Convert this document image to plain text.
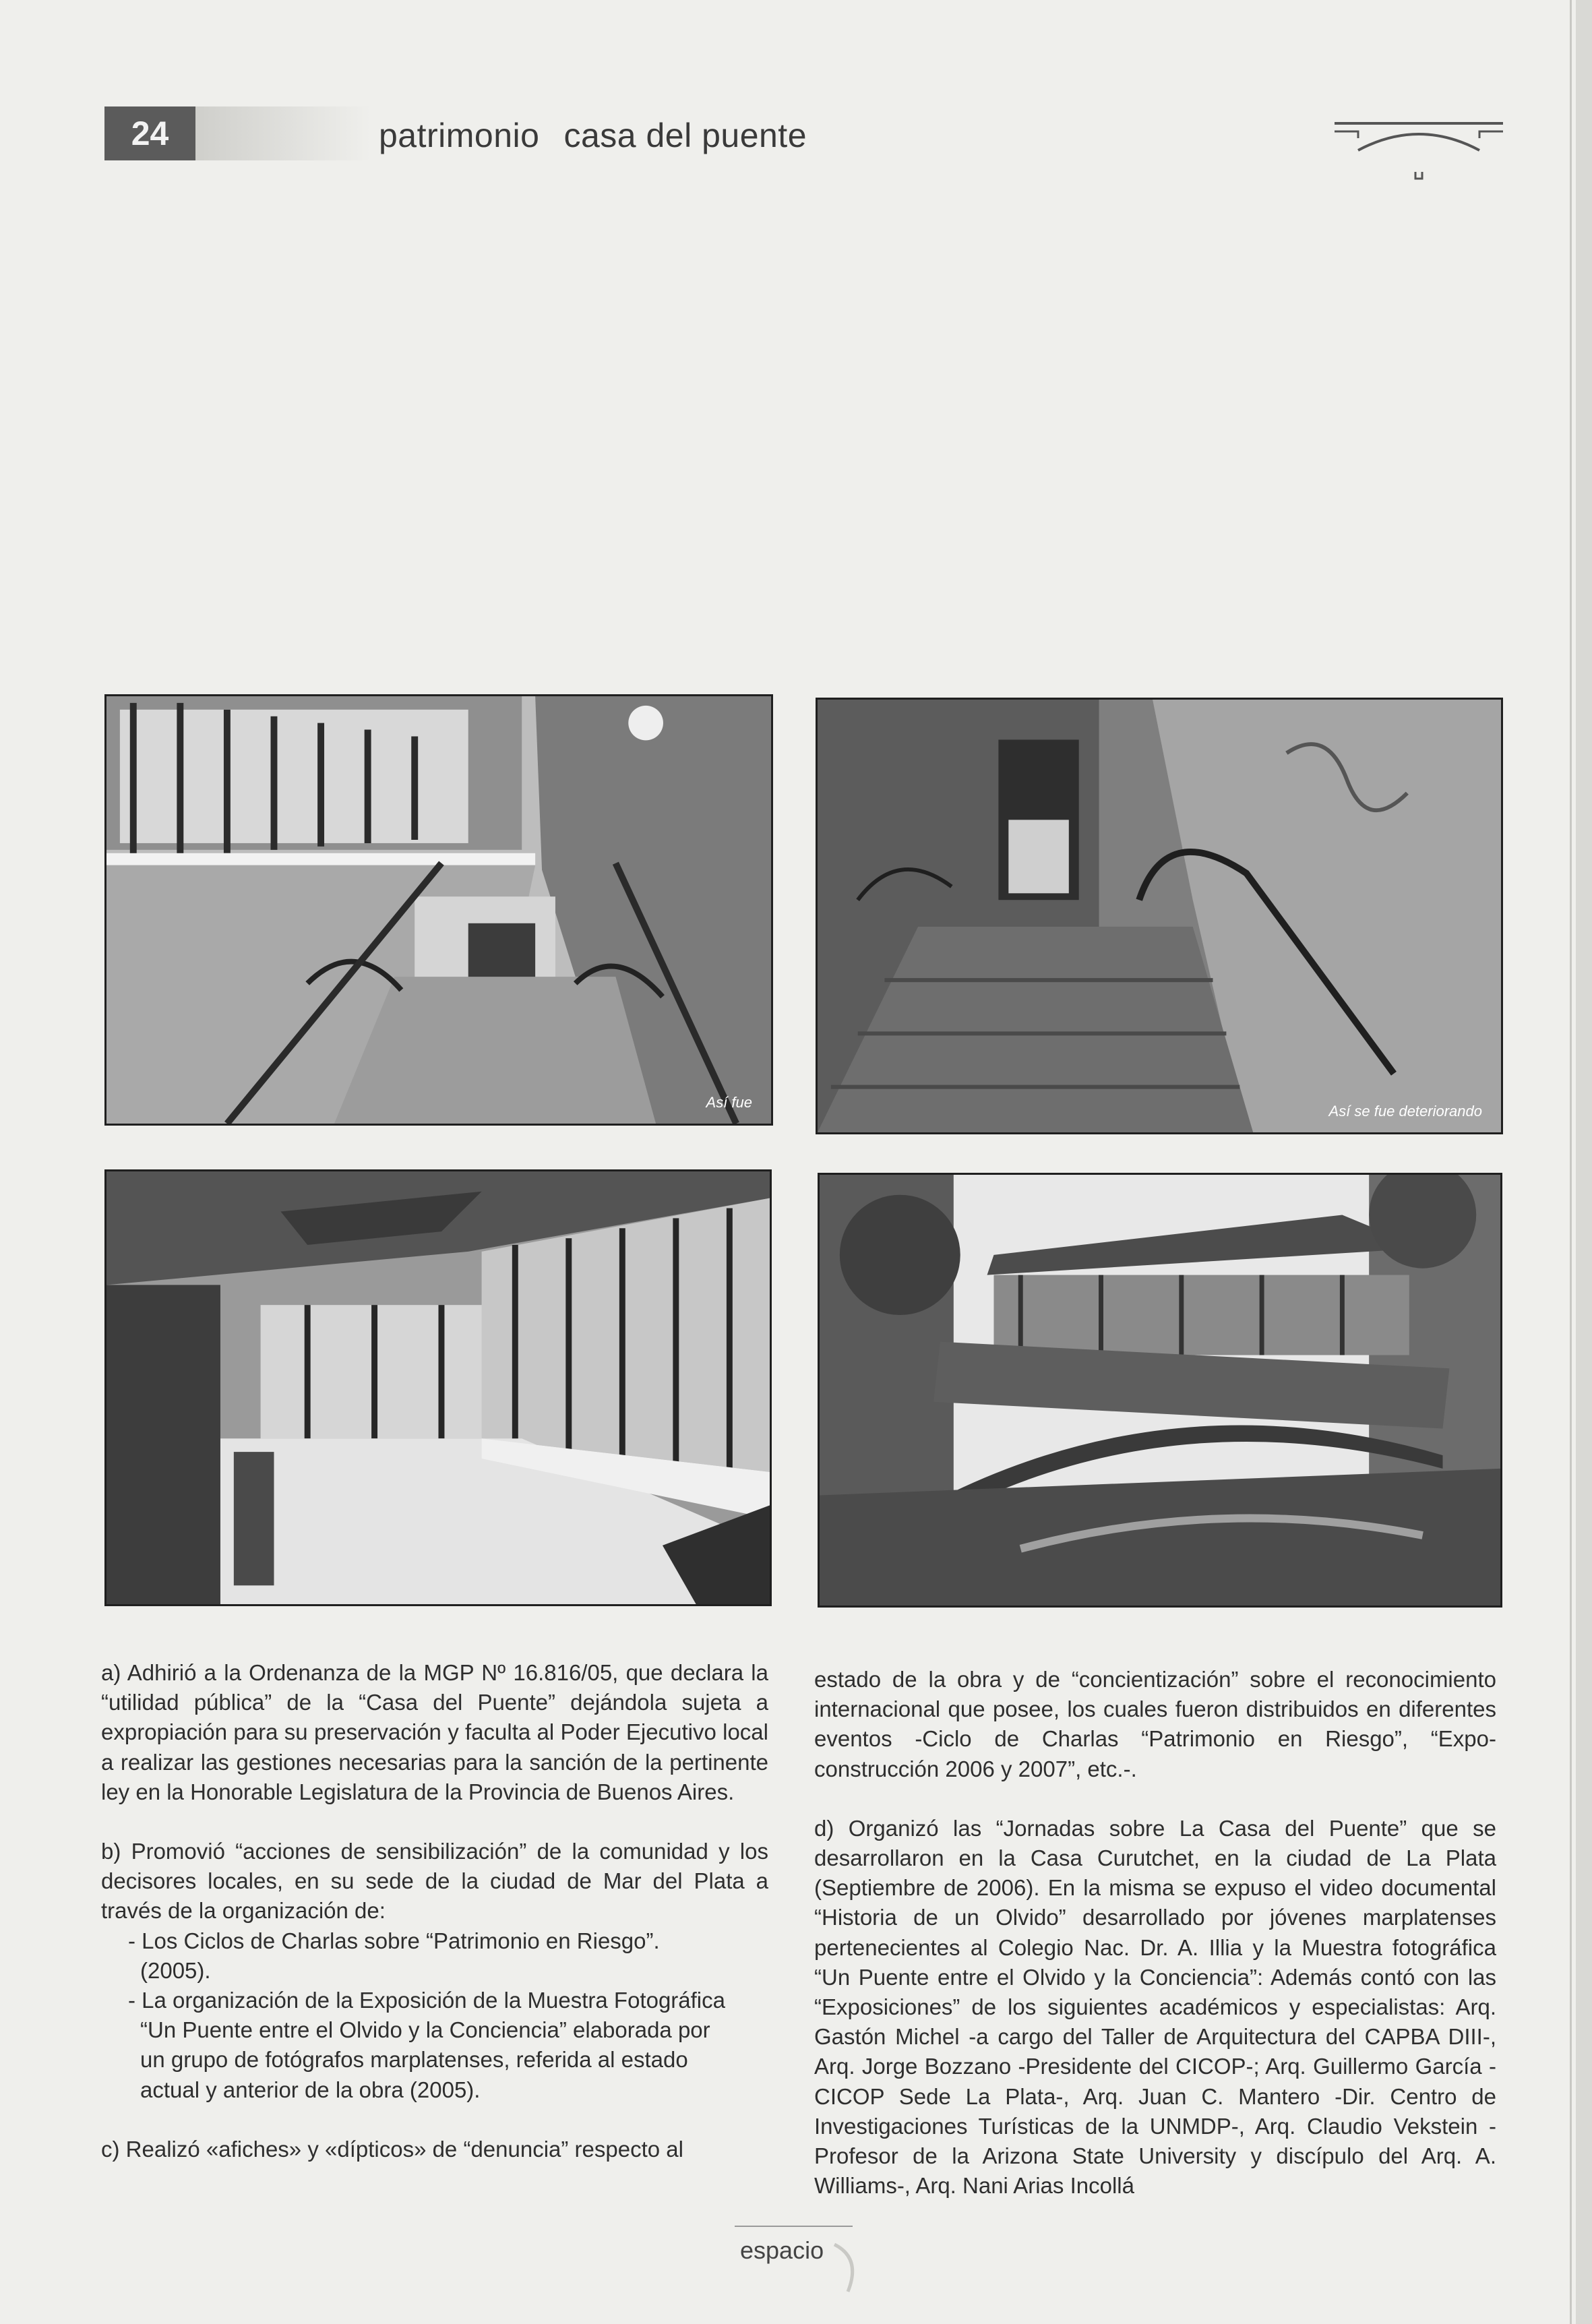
24	patrimonio casa del puente
Así fue
Así se fue deteriorando

a) Adhirió a la Ordenanza de la MGP Nº 16.816/05, que declara la “utilidad pública” de la “Casa del Puente” dejándola sujeta a expropiación para su preservación y faculta al Poder Ejecutivo local a realizar las gestiones necesarias para la sanción de la pertinente ley en la Honorable Legislatura de la Provincia de Buenos Aires.

b) Promovió “acciones de sensibilización” de la comunidad y los decisores locales, en su sede de la ciudad de Mar del Plata a través de la organización de:

- Los Ciclos de Charlas sobre “Patrimonio en Riesgo”.

(2005).

- La organización de la Exposición de la Muestra Fotográfica

“Un Puente entre el Olvido y la Conciencia” elaborada por

un grupo de fotógrafos marplatenses, referida al estado

actual y anterior de la obra (2005).

c) Realizó «afiches» y «dípticos» de “denuncia” respecto al

estado de la obra y de “concientización” sobre el reconocimiento internacional que posee, los cuales fueron distribuidos en diferentes eventos -Ciclo de Charlas “Patrimonio en Riesgo”, “Expo-construcción 2006 y 2007”, etc.-.

d) Organizó las “Jornadas sobre La Casa del Puente” que se desarrollaron en la Casa Curutchet, en la ciudad de La Plata (Septiembre de 2006). En la misma se expuso el video documental “Historia de un Olvido” desarrollado por jóvenes marplatenses pertenecientes al Colegio Nac. Dr. A. Illia y la Muestra fotográfica “Un Puente entre el Olvido y la Conciencia”: Además contó con las “Exposiciones” de los siguientes académicos y especialistas: Arq. Gastón Michel -a cargo del Taller de Arquitectura del CAPBA DIII-, Arq. Jorge Bozzano -Presidente del CICOP-; Arq. Guillermo García -CICOP Sede La Plata-, Arq. Juan C. Mantero -Dir. Centro de Investigaciones Turísticas de la UNMDP-, Arq. Claudio Vekstein -Profesor de la Arizona State University y discípulo del Arq. A. Williams-, Arq. Nani Arias Incollá

espacio
